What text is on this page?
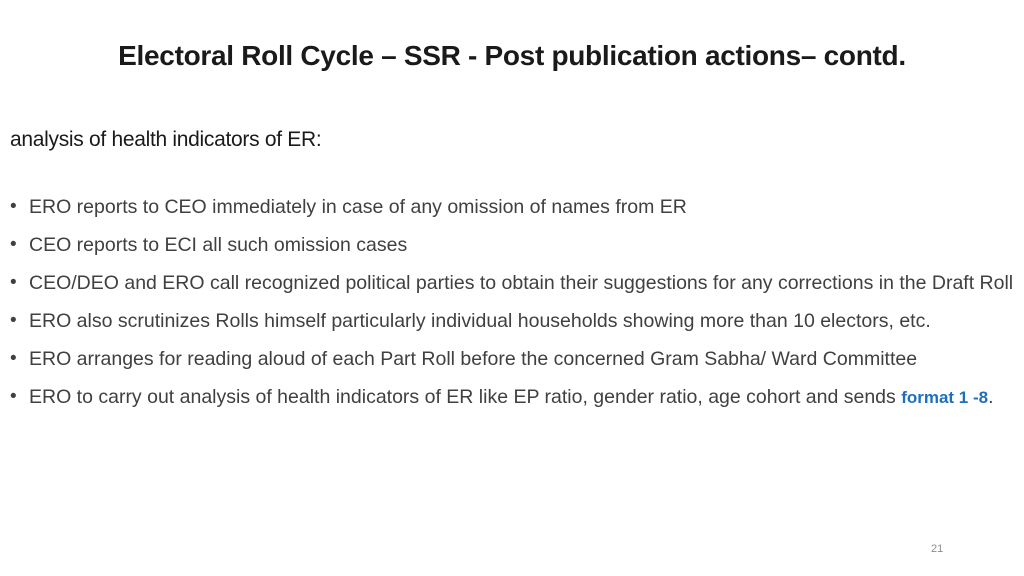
Electoral Roll Cycle – SSR - Post publication actions– contd.
analysis of health indicators of ER:
• ERO reports to CEO immediately in case of any omission of names from ER
• CEO reports to ECI all such omission cases
• CEO/DEO and ERO call recognized political parties to obtain their suggestions for any corrections in the Draft Roll
• ERO also scrutinizes Rolls himself particularly individual households showing more than 10 electors, etc.
• ERO arranges for reading aloud of each Part Roll before the concerned Gram Sabha/ Ward Committee
• ERO to carry out analysis of health indicators of ER like EP ratio, gender ratio, age cohort and sends format 1 -8.
21
